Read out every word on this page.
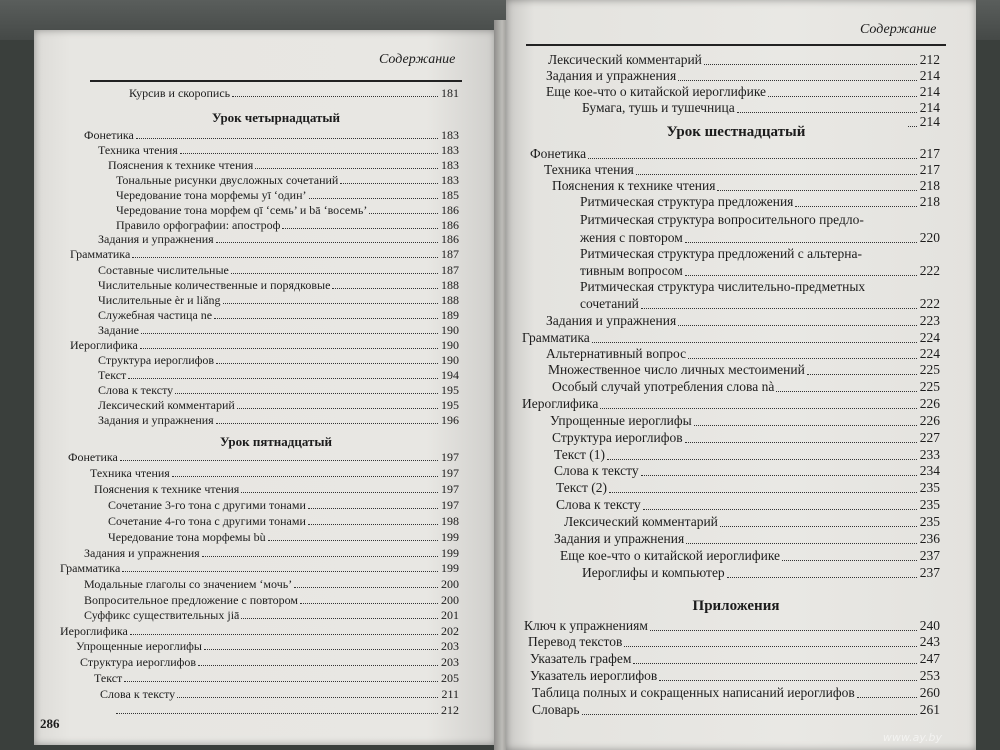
Содержание
Курсив и скоропись	181
Урок четырнадцатый
Фонетика	183
Техника чтения	183
Пояснения к технике чтения	183
Тональные рисунки двусложных сочетаний	183
Чередование тона морфемы yī ‘один’	185
Чередование тона морфем qī ‘семь’ и bā ‘восемь’	186
Правило орфографии: апостроф	186
Задания и упражнения	186
Грамматика	187
Составные числительные	187
Числительные количественные и порядковые	188
Числительные èr и liǎng	188
Служебная частица ne	189
Задание	190
Иероглифика	190
Структура иероглифов	190
Текст	194
Слова к тексту	195
Лексический комментарий	195
Задания и упражнения	196
Урок пятнадцатый
Фонетика	197
Техника чтения	197
Пояснения к технике чтения	197
Сочетание 3-го тона с другими тонами	197
Сочетание 4-го тона с другими тонами	198
Чередование тона морфемы bù	199
Задания и упражнения	199
Грамматика	199
Модальные глаголы со значением ‘мочь’	200
Вопросительное предложение с повтором	200
Суффикс существительных jiā	201
Иероглифика	202
Упрощенные иероглифы	203
Структура иероглифов	203
Текст	205
Слова к тексту	211
212
286
Содержание
Лексический комментарий	212
Задания и упражнения	214
Еще кое-что о китайской иероглифике	214
Бумага, тушь и тушечница	214
214
Урок шестнадцатый
Фонетика	217
Техника чтения	217
Пояснения к технике чтения	218
Ритмическая структура предложения	218
Ритмическая структура вопросительного предло-
жения с повтором	220
Ритмическая структура предложений с альтерна-
тивным вопросом	222
Ритмическая структура числительно-предметных
сочетаний	222
Задания и упражнения	223
Грамматика	224
Альтернативный вопрос	224
Множественное число личных местоимений	225
Особый случай употребления слова nà	225
Иероглифика	226
Упрощенные иероглифы	226
Структура иероглифов	227
Текст (1)	233
Слова к тексту	234
Текст (2)	235
Слова к тексту	235
Лексический комментарий	235
Задания и упражнения	236
Еще кое-что о китайской иероглифике	237
Иероглифы и компьютер	237
Приложения
Ключ к упражнениям	240
Перевод текстов	243
Указатель графем	247
Указатель иероглифов	253
Таблица полных и сокращенных написаний иероглифов	260
Словарь	261
www.ay.by
